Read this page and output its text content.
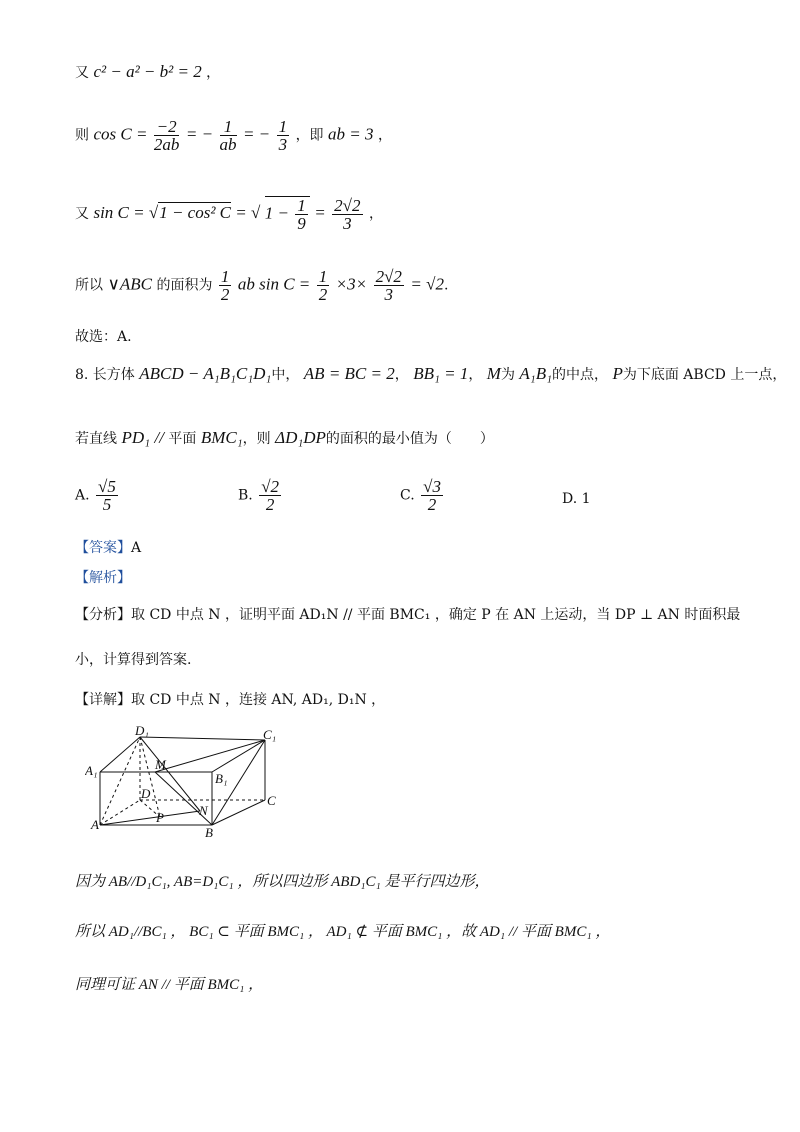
又 c² − a² − b² = 2 ，
则 $\cos C = \frac{-2}{2ab}$ = − $\frac{1}{ab}$ = − $\frac{1}{3}$ ，即 ab = 3 ，
又 sin C = √1 − cos² C = √ $1 - \frac{1}{9} = \frac{2√2}{3}$ ，
所以 ∨ABC 的面积为 $\frac{1}{2}$ ab $\sin C = \frac{1}{2} \times 3\times \frac{2√2}{3} = √2$.
故选：A.
8. 长方体 ABCD − A₁B₁C₁D₁中， AB = BC = 2， BB₁ = 1， M为 A₁B₁的中点， P为下底面 ABCD 上一点，
若直线 PD₁ // 平面 BMC₁，则 ΔD₁DP的面积的最小值为（　　）
A. $\frac{√5}{5}$	B. $\frac{√2}{2}$	C. $\frac{√3}{2}$	D. 1
【答案】A
【解析】
【分析】取 CD 中点 N ，证明平面 AD₁N // 平面 BMC₁ ，确定 P 在 AN 上运动，当 DP ⊥ AN 时面积最
小，计算得到答案.
【详解】取 CD 中点 N ，连接 AN, AD₁, D₁N ，
D₁	C₁
A₁	M
B₁
D
N
C
P
A
B
因为 AB//D₁C₁, AB=D₁C₁ ，所以四边形 ABD₁C₁ 是平行四边形，
所以 AD₁//BC₁ ， BC₁ ⊂ 平面 BMC₁ ， AD₁ ⊄ 平面 BMC₁ ，故 AD₁ // 平面 BMC₁ ，
同理可证 AN // 平面 BMC₁ ，
